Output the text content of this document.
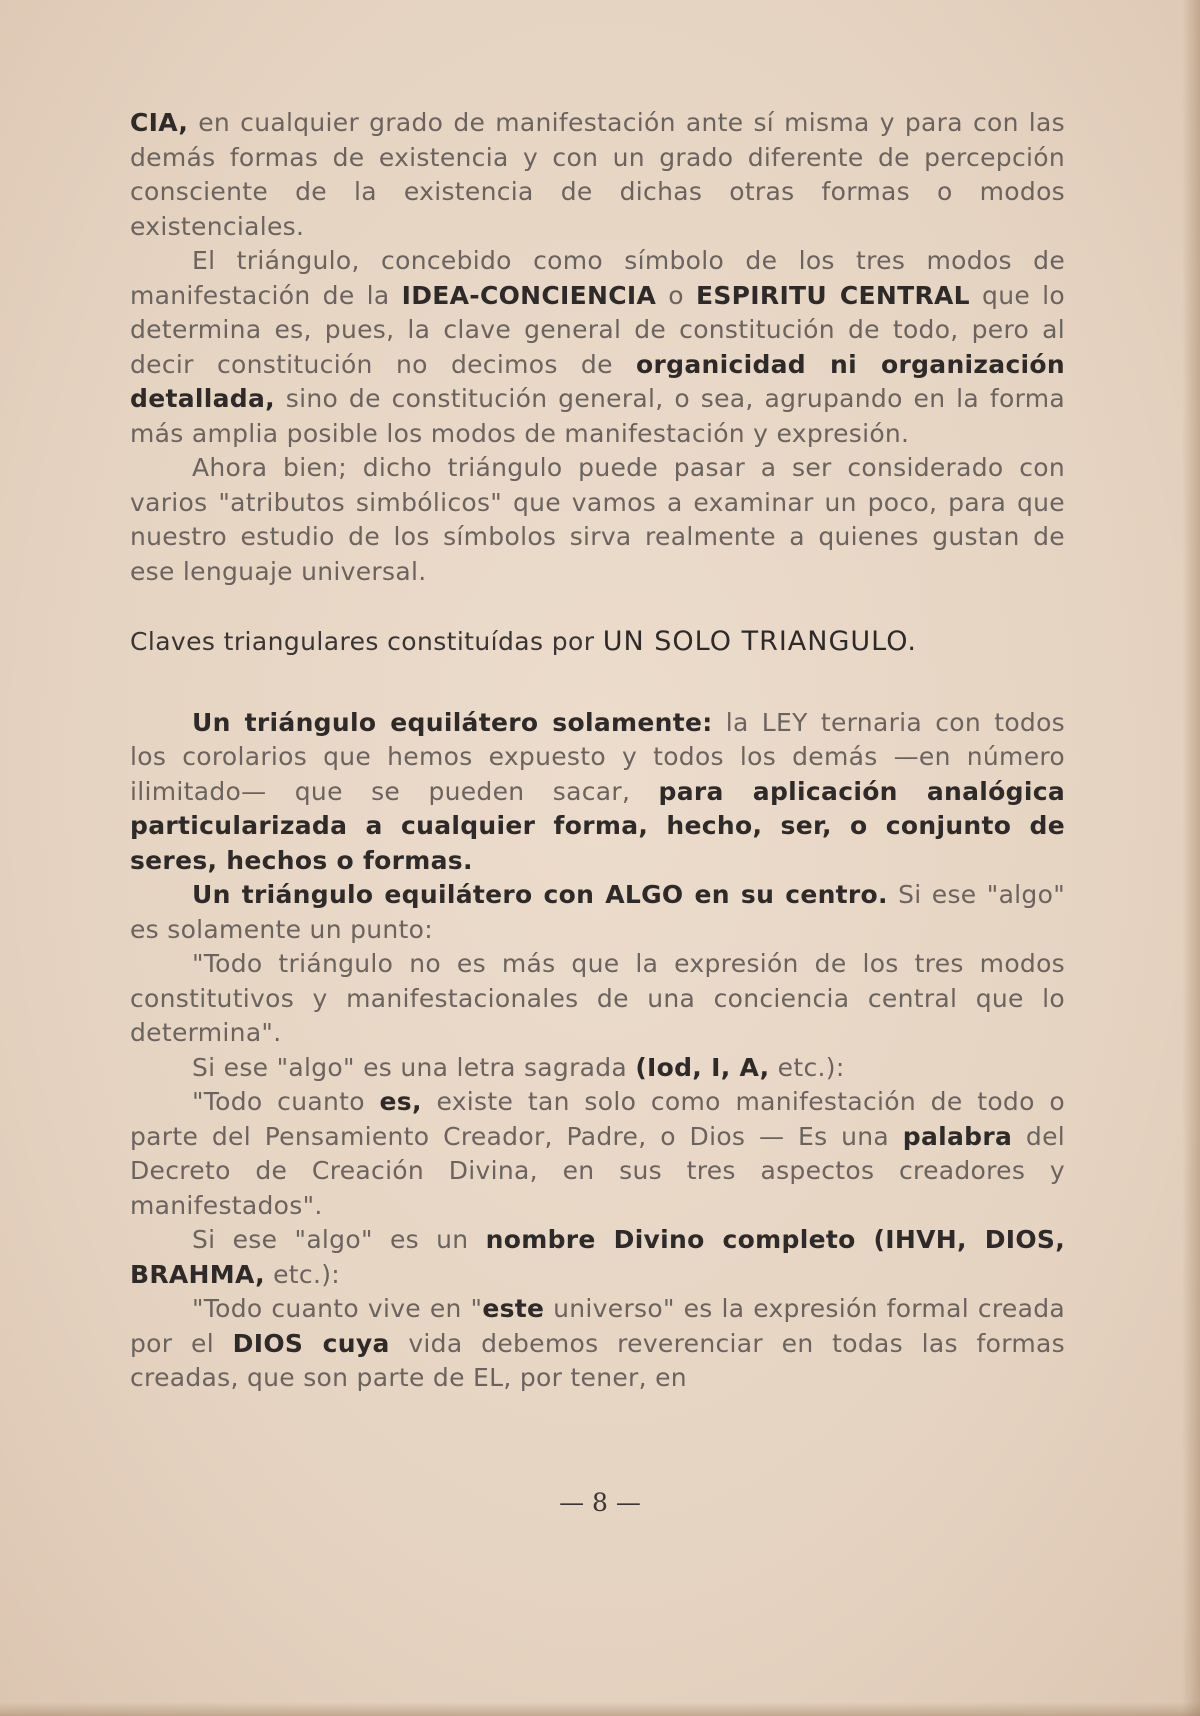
CIA, en cualquier grado de manifestación ante sí misma y para con las demás formas de existencia y con un grado diferente de percepción consciente de la existencia de dichas otras formas o modos existenciales.

El triángulo, concebido como símbolo de los tres modos de manifestación de la IDEA-CONCIENCIA o ESPIRITU CENTRAL que lo determina es, pues, la clave general de constitución de todo, pero al decir constitución no decimos de organicidad ni organización detallada, sino de constitución general, o sea, agrupando en la forma más amplia posible los modos de manifestación y expresión.

Ahora bien; dicho triángulo puede pasar a ser considerado con varios "atributos simbólicos" que vamos a examinar un poco, para que nuestro estudio de los símbolos sirva realmente a quienes gustan de ese lenguaje universal.

Claves triangulares constituídas por UN SOLO TRIANGULO.

Un triángulo equilátero solamente: la LEY ternaria con todos los corolarios que hemos expuesto y todos los demás —en número ilimitado— que se pueden sacar, para aplicación analógica particularizada a cualquier forma, hecho, ser, o conjunto de seres, hechos o formas.

Un triángulo equilátero con ALGO en su centro. Si ese "algo" es solamente un punto:

"Todo triángulo no es más que la expresión de los tres modos constitutivos y manifestacionales de una conciencia central que lo determina".

Si ese "algo" es una letra sagrada (Iod, I, A, etc.):

"Todo cuanto es, existe tan solo como manifestación de todo o parte del Pensamiento Creador, Padre, o Dios — Es una palabra del Decreto de Creación Divina, en sus tres aspectos creadores y manifestados".

Si ese "algo" es un nombre Divino completo (IHVH, DIOS, BRAHMA, etc.):

"Todo cuanto vive en "este universo" es la expresión formal creada por el DIOS cuya vida debemos reverenciar en todas las formas creadas, que son parte de EL, por tener, en

— 8 —
